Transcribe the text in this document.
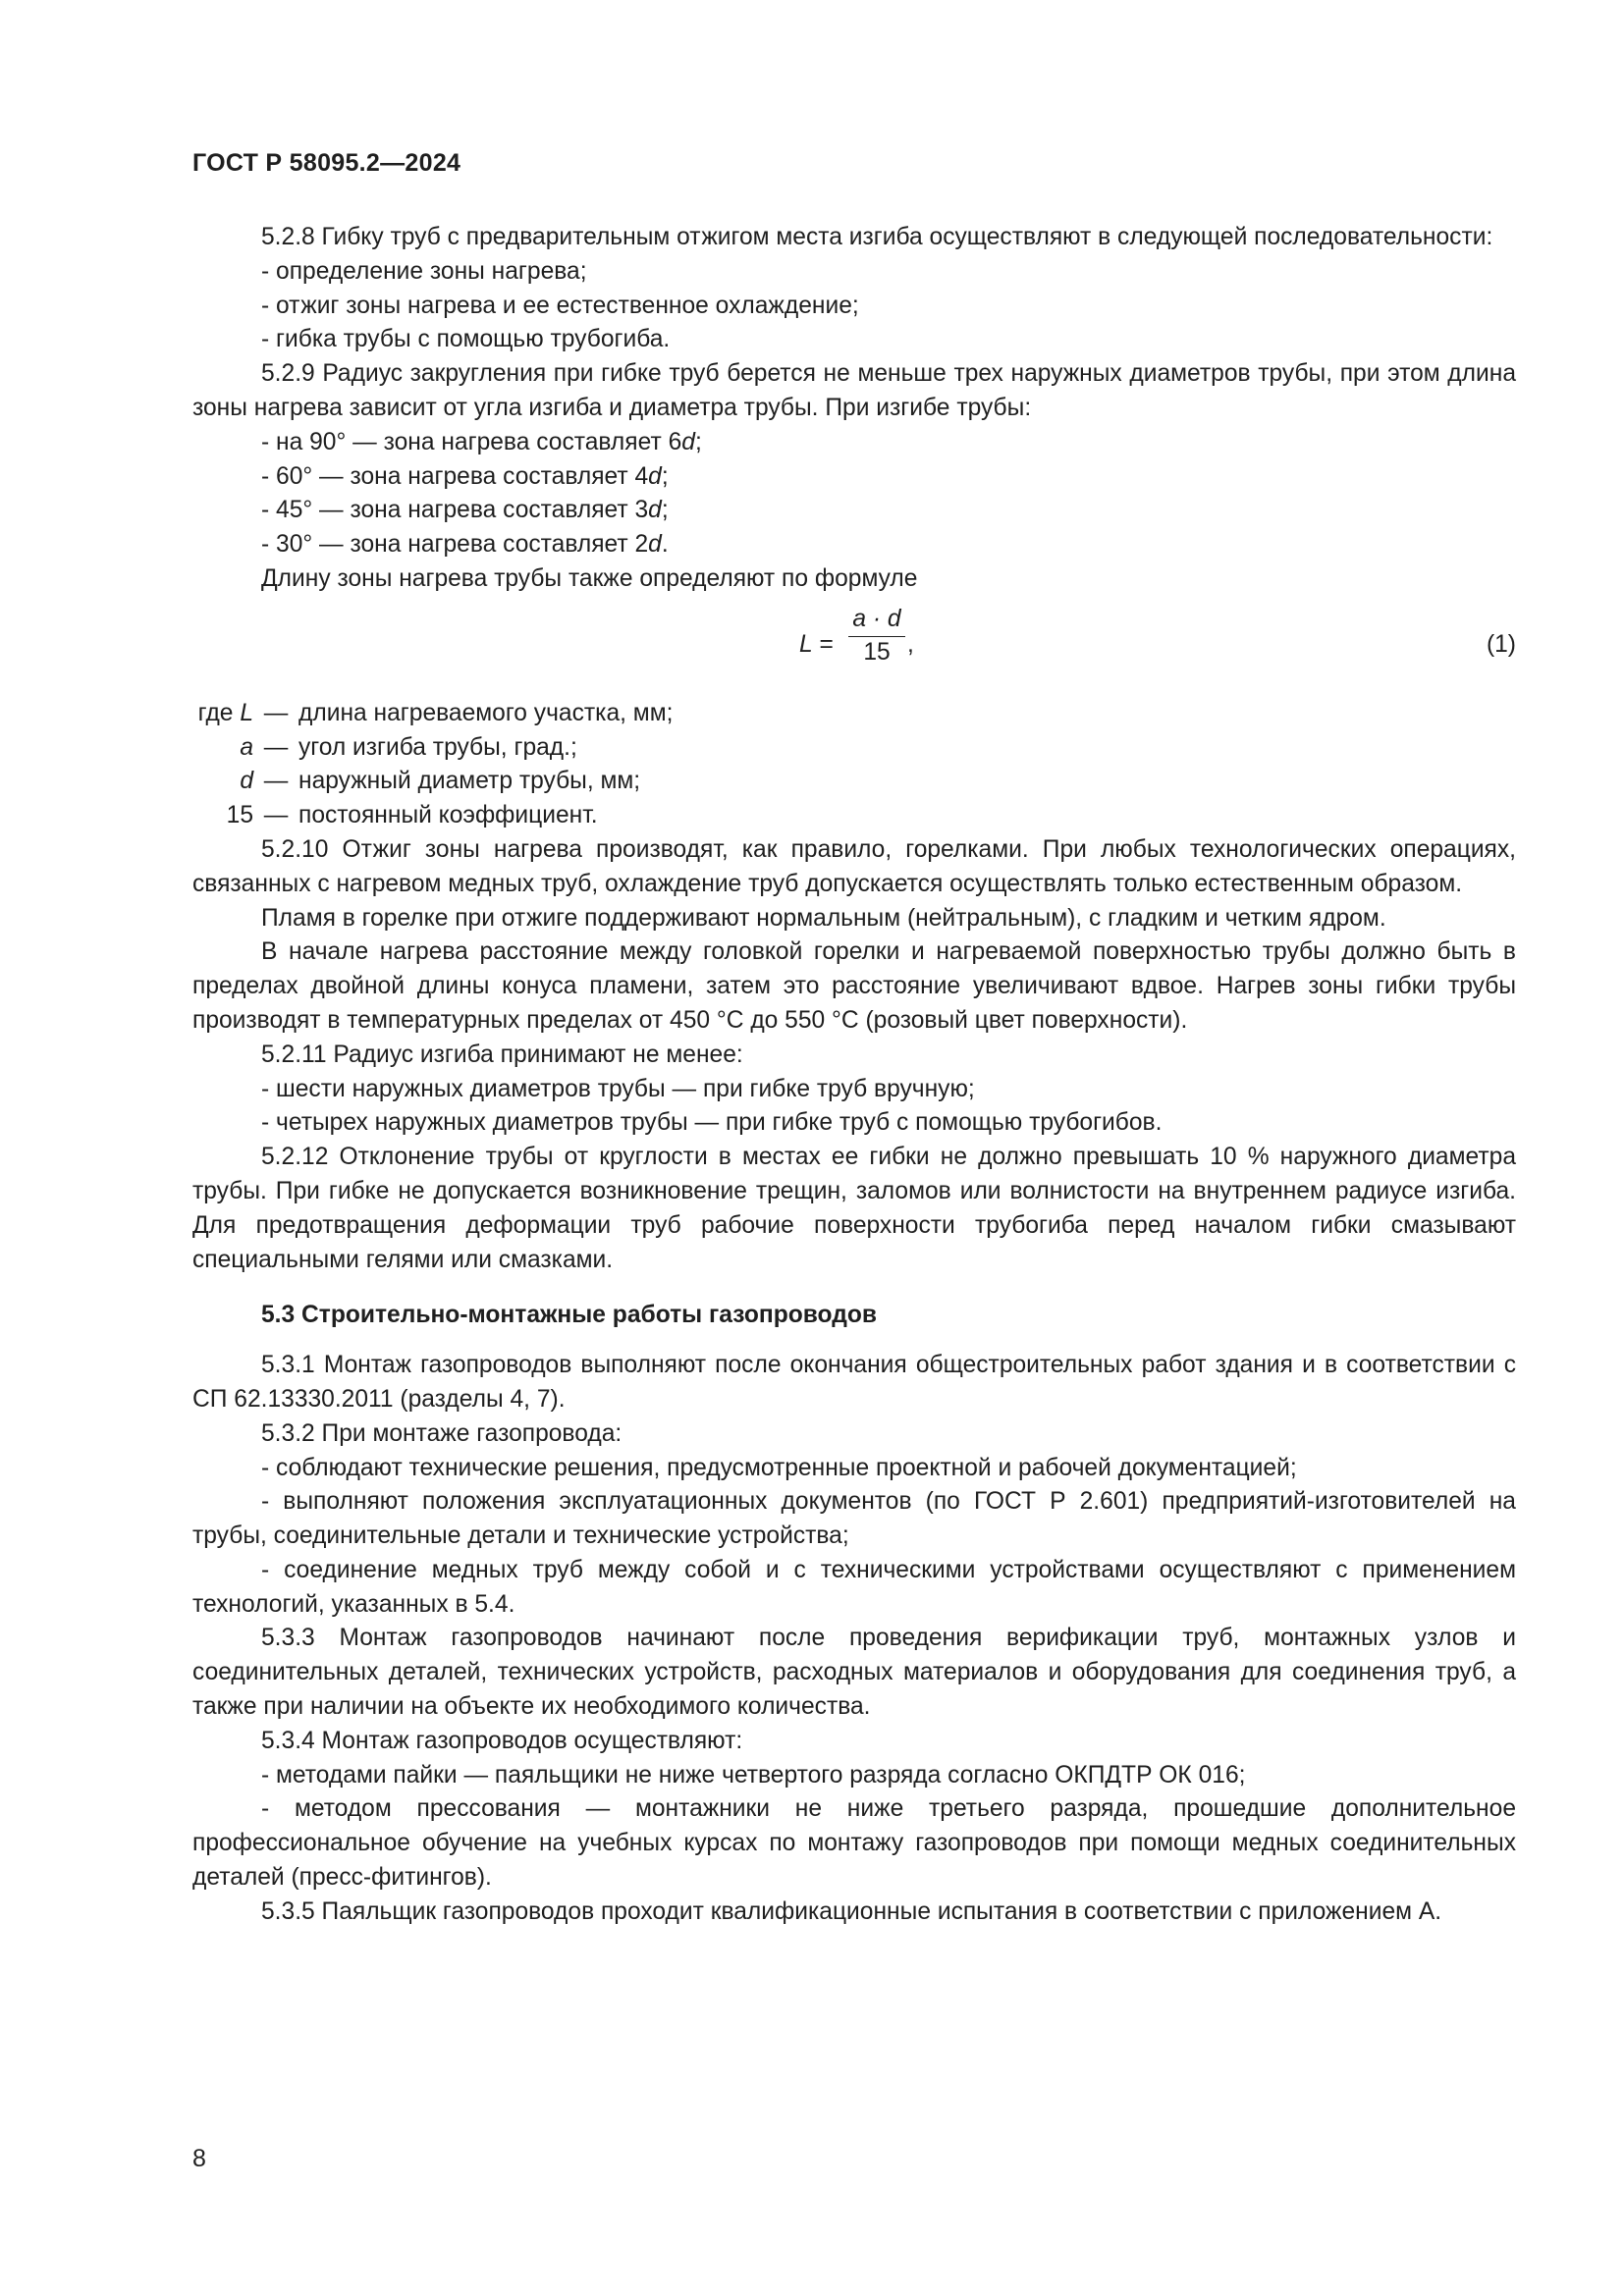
ГОСТ Р 58095.2—2024

5.2.8 Гибку труб с предварительным отжигом места изгиба осуществляют в следующей последовательности:

- определение зоны нагрева;

- отжиг зоны нагрева и ее естественное охлаждение;

- гибка трубы с помощью трубогиба.

5.2.9 Радиус закругления при гибке труб берется не меньше трех наружных диаметров трубы, при этом длина зоны нагрева зависит от угла изгиба и диаметра трубы. При изгибе трубы:

- на 90° — зона нагрева составляет 6d;

- 60° — зона нагрева составляет 4d;

- 45° — зона нагрева составляет 3d;

- 30° — зона нагрева составляет 2d.

Длину зоны нагрева трубы также определяют по формуле

$L = \frac{a \cdot d}{15}$ ,	(1)
где L — длина нагреваемого участка, мм;
a — угол изгиба трубы, град.;
d — наружный диаметр трубы, мм;
15 — постоянный коэффициент.

5.2.10 Отжиг зоны нагрева производят, как правило, горелками. При любых технологических операциях, связанных с нагревом медных труб, охлаждение труб допускается осуществлять только естественным образом.

Пламя в горелке при отжиге поддерживают нормальным (нейтральным), с гладким и четким ядром.

В начале нагрева расстояние между головкой горелки и нагреваемой поверхностью трубы должно быть в пределах двойной длины конуса пламени, затем это расстояние увеличивают вдвое. Нагрев зоны гибки трубы производят в температурных пределах от 450 °С до 550 °С (розовый цвет поверхности).

5.2.11 Радиус изгиба принимают не менее:

- шести наружных диаметров трубы — при гибке труб вручную;

- четырех наружных диаметров трубы — при гибке труб с помощью трубогибов.

5.2.12 Отклонение трубы от круглости в местах ее гибки не должно превышать 10 % наружного диаметра трубы. При гибке не допускается возникновение трещин, заломов или волнистости на внутреннем радиусе изгиба. Для предотвращения деформации труб рабочие поверхности трубогиба перед началом гибки смазывают специальными гелями или смазками.

5.3 Строительно-монтажные работы газопроводов

5.3.1 Монтаж газопроводов выполняют после окончания общестроительных работ здания и в соответствии с СП 62.13330.2011 (разделы 4, 7).

5.3.2 При монтаже газопровода:

- соблюдают технические решения, предусмотренные проектной и рабочей документацией;

- выполняют положения эксплуатационных документов (по ГОСТ Р 2.601) предприятий-изготовителей на трубы, соединительные детали и технические устройства;

- соединение медных труб между собой и с техническими устройствами осуществляют с применением технологий, указанных в 5.4.

5.3.3 Монтаж газопроводов начинают после проведения верификации труб, монтажных узлов и соединительных деталей, технических устройств, расходных материалов и оборудования для соединения труб, а также при наличии на объекте их необходимого количества.

5.3.4 Монтаж газопроводов осуществляют:

- методами пайки — паяльщики не ниже четвертого разряда согласно ОКПДТР ОК 016;

- методом прессования — монтажники не ниже третьего разряда, прошедшие дополнительное профессиональное обучение на учебных курсах по монтажу газопроводов при помощи медных соединительных деталей (пресс-фитингов).

5.3.5 Паяльщик газопроводов проходит квалификационные испытания в соответствии с приложением А.

8
